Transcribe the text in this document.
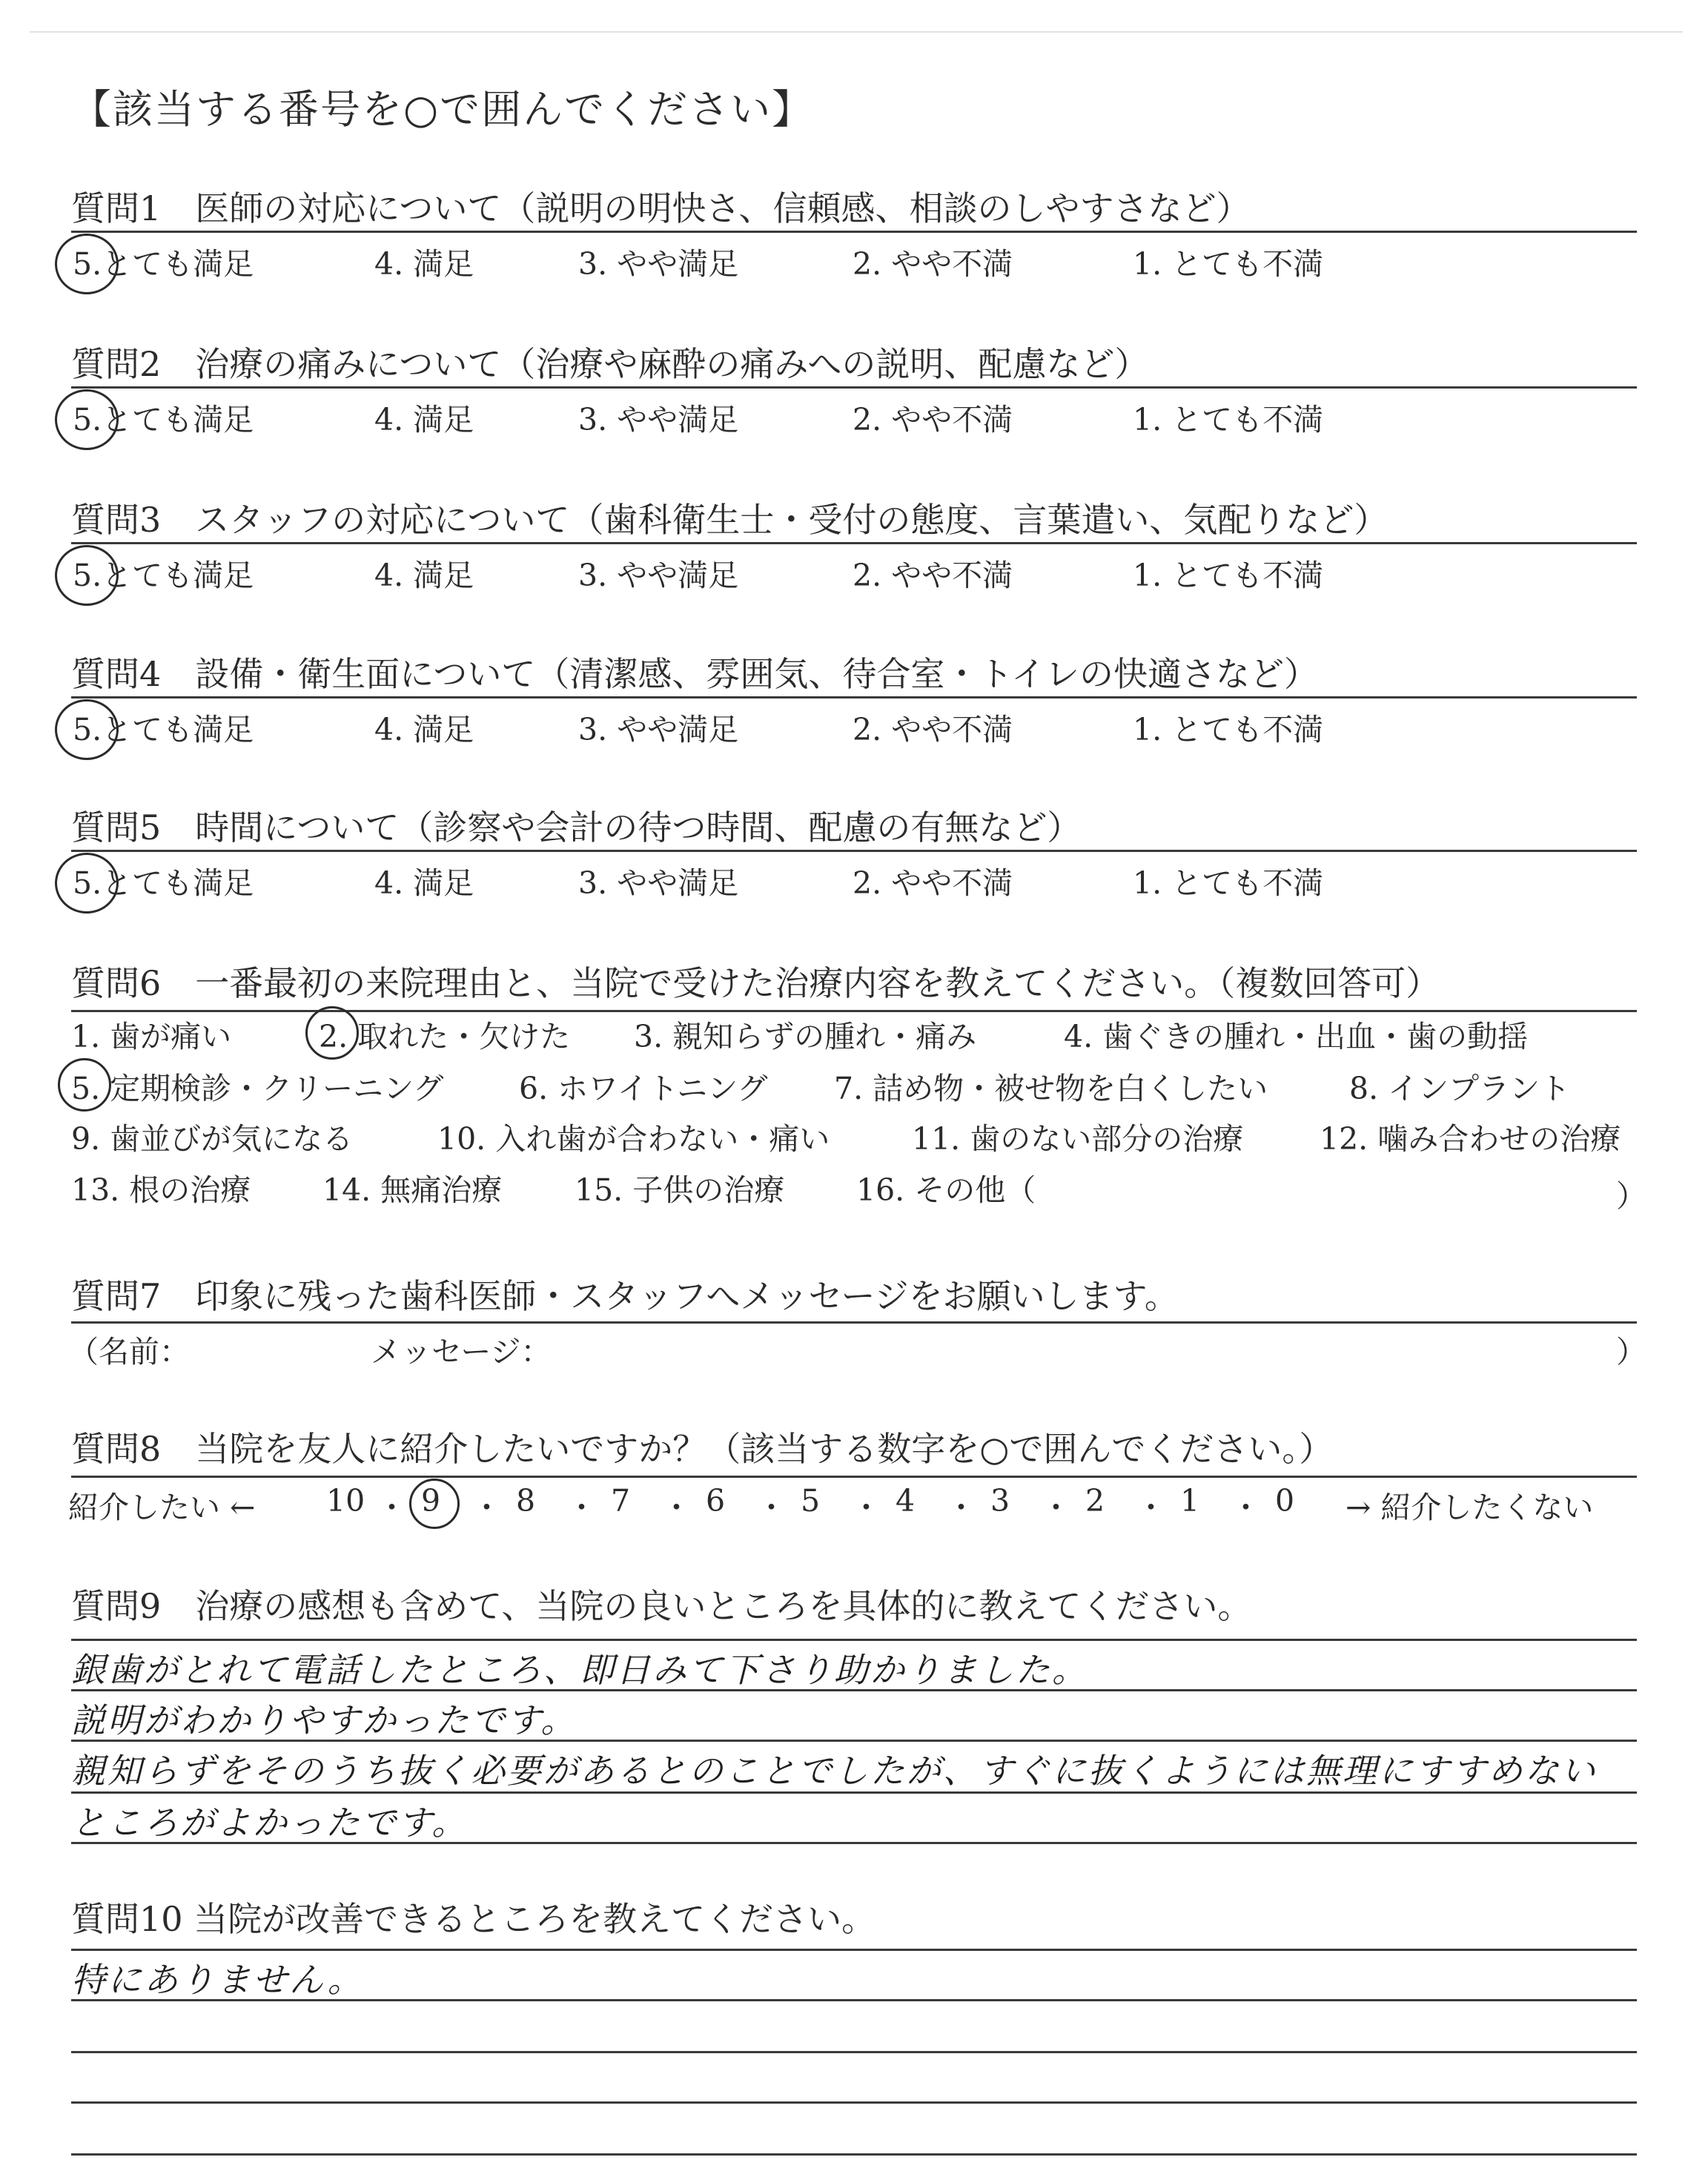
【該当する番号を○で囲んでください】
質問6　一番最初の来院理由と、当院で受けた治療内容を教えてください。（複数回答可）
）
質問7　印象に残った歯科医師・スタッフへメッセージをお願いします。
（名前：	メッセージ：	）
質問8　当院を友人に紹介したいですか？（該当する数字を○で囲んでください。）
紹介したい ←	→ 紹介したくない
質問9　治療の感想も含めて、当院の良いところを具体的に教えてください。
質問10 当院が改善できるところを教えてください。
質問1　医師の対応について（説明の明快さ、信頼感、相談のしやすさなど）
5.とても満足	4. 満足	3. やや満足	2. やや不満	1. とても不満
質問2　治療の痛みについて（治療や麻酔の痛みへの説明、配慮など）
5.とても満足	4. 満足	3. やや満足	2. やや不満	1. とても不満
質問3　スタッフの対応について（歯科衛生士・受付の態度、言葉遣い、気配りなど）
5.とても満足	4. 満足	3. やや満足	2. やや不満	1. とても不満
質問4　設備・衛生面について（清潔感、雰囲気、待合室・トイレの快適さなど）
5.とても満足	4. 満足	3. やや満足	2. やや不満	1. とても不満
質問5　時間について（診察や会計の待つ時間、配慮の有無など）
5.とても満足	4. 満足	3. やや満足	2. やや不満	1. とても不満
1. 歯が痛い	2. 取れた・欠けた 3. 親知らずの腫れ・痛み	4. 歯ぐきの腫れ・出血・歯の動揺
5. 定期検診・クリーニング 6. ホワイトニング 7. 詰め物・被せ物を白くしたい	8. インプラント
9. 歯並びが気になる	10. 入れ歯が合わない・痛い	11. 歯のない部分の治療	12. 噛み合わせの治療
13. 根の治療 14. 無痛治療 15. 子供の治療 16. その他（
10 ・ 9 ・ 8 ・ 7 ・ 6 ・ 5 ・ 4 ・ 3 ・ 2 ・ 1 ・ 0
銀歯がとれて電話したところ、即日みて下さり助かりました。
説明がわかりやすかったです。
親知らずをそのうち抜く必要があるとのことでしたが、すぐに抜くようには無理にすすめない
ところがよかったです。
特にありません。
